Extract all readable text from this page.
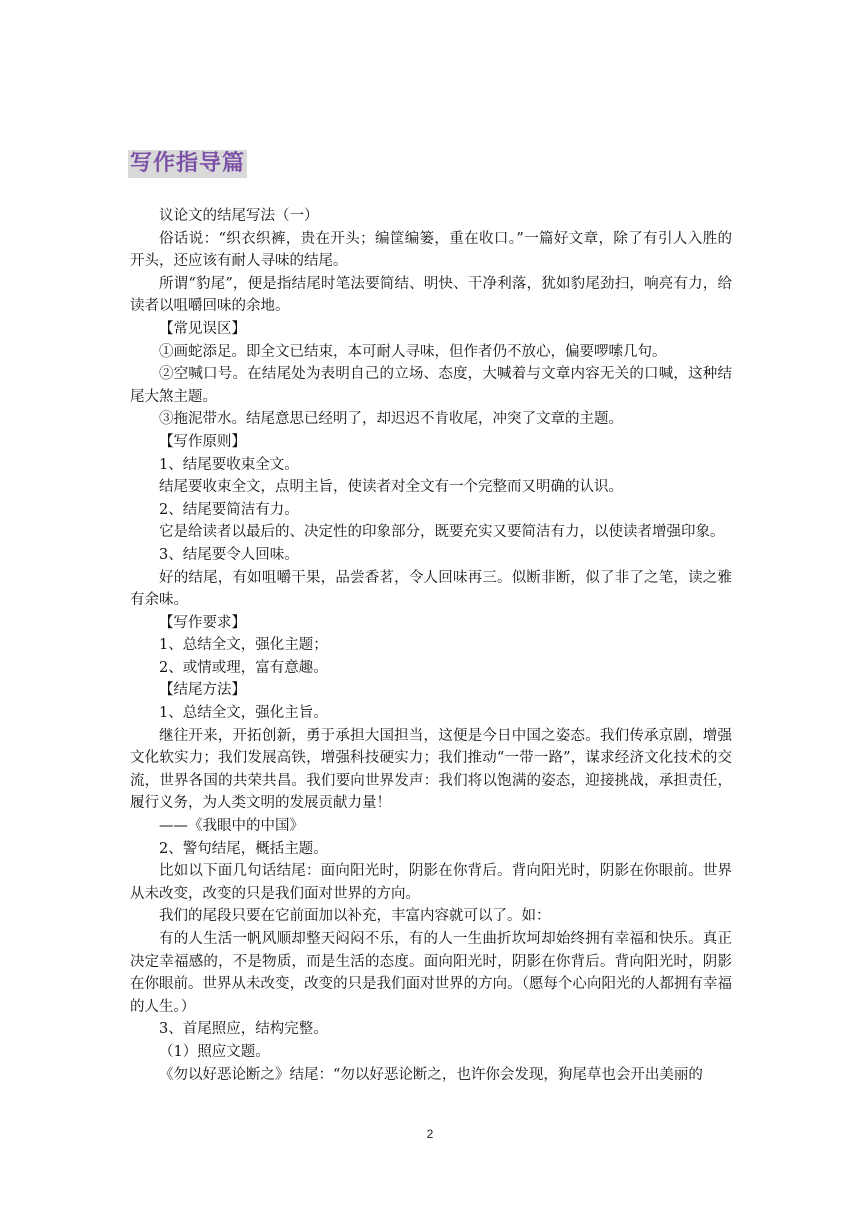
写作指导篇

议论文的结尾写法（一）

俗话说：“织衣织裤，贵在开头；编筐编篓，重在收口。”一篇好文章，除了有引人入胜的开头，还应该有耐人寻味的结尾。

所谓“豹尾”，便是指结尾时笔法要简结、明快、干净利落，犹如豹尾劲扫，响亮有力，给读者以咀嚼回味的余地。

【常见误区】

①画蛇添足。即全文已结束，本可耐人寻味，但作者仍不放心，偏要啰嗦几句。

②空喊口号。在结尾处为表明自己的立场、态度，大喊着与文章内容无关的口喊，这种结尾大煞主题。

③拖泥带水。结尾意思已经明了，却迟迟不肯收尾，冲突了文章的主题。

【写作原则】

1、结尾要收束全文。

结尾要收束全文，点明主旨，使读者对全文有一个完整而又明确的认识。

2、结尾要简洁有力。

它是给读者以最后的、决定性的印象部分，既要充实又要简洁有力，以使读者增强印象。

3、结尾要令人回味。

好的结尾，有如咀嚼干果，品尝香茗，令人回味再三。似断非断，似了非了之笔，读之雅有余味。

【写作要求】

1、总结全文，强化主题；

2、或情或理，富有意趣。

【结尾方法】

1、总结全文，强化主旨。

继往开来，开拓创新，勇于承担大国担当，这便是今日中国之姿态。我们传承京剧，增强文化软实力；我们发展高铁，增强科技硬实力；我们推动“一带一路”，谋求经济文化技术的交流，世界各国的共荣共昌。我们要向世界发声：我们将以饱满的姿态，迎接挑战，承担责任，履行义务，为人类文明的发展贡献力量！

——《我眼中的中国》

2、警句结尾，概括主题。

比如以下面几句话结尾：面向阳光时，阴影在你背后。背向阳光时，阴影在你眼前。世界从未改变，改变的只是我们面对世界的方向。

我们的尾段只要在它前面加以补充，丰富内容就可以了。如：

有的人生活一帆风顺却整天闷闷不乐，有的人一生曲折坎坷却始终拥有幸福和快乐。真正决定幸福感的，不是物质，而是生活的态度。面向阳光时，阴影在你背后。背向阳光时，阴影在你眼前。世界从未改变，改变的只是我们面对世界的方向。（愿每个心向阳光的人都拥有幸福的人生。）

3、首尾照应，结构完整。

（1）照应文题。

《勿以好恶论断之》结尾：“勿以好恶论断之，也许你会发现，狗尾草也会开出美丽的

2
